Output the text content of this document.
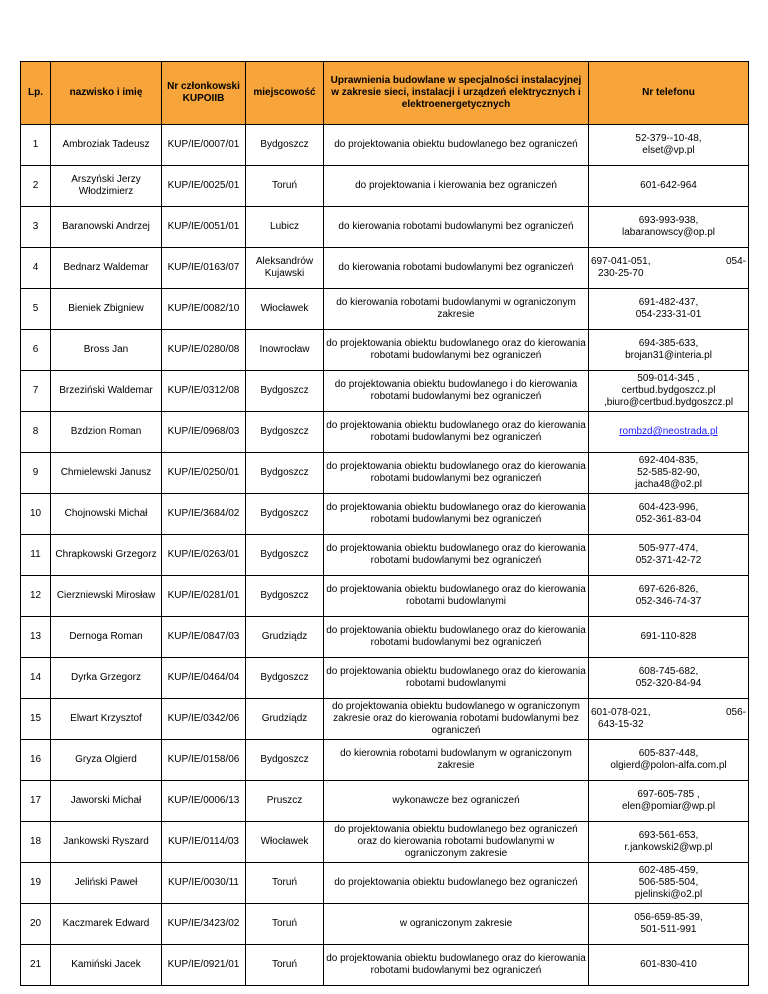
Lp.	nazwisko i imię	Nr członkowski KUPOIIB	miejscowość	Uprawnienia budowlane w specjalności instalacyjnej w zakresie sieci, instalacji i urządzeń elektrycznych i elektroenergetycznych	Nr telefonu
1	Ambroziak Tadeusz	KUP/IE/0007/01	Bydgoszcz	do projektowania obiektu budowlanego bez ograniczeń	52-379--10-48,
elset@vp.pl
2	Arszyński Jerzy
Włodzimierz	KUP/IE/0025/01	Toruń	do projektowania i kierowania bez ograniczeń	601-642-964
3	Baranowski Andrzej	KUP/IE/0051/01	Lubicz	do kierowania robotami budowlanymi bez ograniczeń	693-993-938,
labaranowscy@op.pl
4	Bednarz Waldemar	KUP/IE/0163/07	Aleksandrów
Kujawski	do kierowania robotami budowlanymi bez ograniczeń	697-041-051,
230-25-70
054-

5	Bieniek Zbigniew	KUP/IE/0082/10	Włocławek	do kierowania robotami budowlanymi w ograniczonym zakresie	691-482-437,
054-233-31-01
6	Bross Jan	KUP/IE/0280/08	Inowrocław	do projektowania obiektu budowlanego oraz do kierowania robotami budowlanymi bez ograniczeń	694-385-633,
brojan31@interia.pl
7	Brzeziński Waldemar	KUP/IE/0312/08	Bydgoszcz	do projektowania obiektu budowlanego i do kierowania robotami budowlanymi bez ograniczeń	509-014-345 ,
certbud.bydgoszcz.pl
,biuro@certbud.bydgoszcz.pl
8	Bzdzion Roman	KUP/IE/0968/03	Bydgoszcz	do projektowania obiektu budowlanego oraz do kierowania robotami budowlanymi bez ograniczeń	rombzd@neostrada.pl
9	Chmielewski Janusz	KUP/IE/0250/01	Bydgoszcz	do projektowania obiektu budowlanego oraz do kierowania robotami budowlanymi bez ograniczeń	692-404-835,
52-585-82-90,
jacha48@o2.pl
10	Chojnowski Michał	KUP/IE/3684/02	Bydgoszcz	do projektowania obiektu budowlanego oraz do kierowania robotami budowlanymi bez ograniczeń	604-423-996,
052-361-83-04
11	Chrapkowski Grzegorz	KUP/IE/0263/01	Bydgoszcz	do projektowania obiektu budowlanego oraz do kierowania robotami budowlanymi bez ograniczeń	505-977-474,
052-371-42-72
12	Cierzniewski Mirosław	KUP/IE/0281/01	Bydgoszcz	do projektowania obiektu budowlanego oraz do kierowania robotami budowlanymi	697-626-826,
052-346-74-37
13	Dernoga Roman	KUP/IE/0847/03	Grudziądz	do projektowania obiektu budowlanego oraz do kierowania robotami budowlanymi bez ograniczeń	691-110-828
14	Dyrka Grzegorz	KUP/IE/0464/04	Bydgoszcz	do projektowania obiektu budowlanego oraz do kierowania robotami budowlanymi	608-745-682,
052-320-84-94
15	Elwart Krzysztof	KUP/IE/0342/06	Grudziądz	do projektowania obiektu budowlanego w ograniczonym zakresie oraz do kierowania robotami budowlanymi bez ograniczeń	601-078-021,
643-15-32
056-

16	Gryza Olgierd	KUP/IE/0158/06	Bydgoszcz	do kierownia robotami budowlanym w ograniczonym zakresie	605-837-448,
olgierd@polon-alfa.com.pl
17	Jaworski Michał	KUP/IE/0006/13	Pruszcz	wykonawcze bez ograniczeń	697-605-785 ,
elen@pomiar@wp.pl
18	Jankowski Ryszard	KUP/IE/0114/03	Włocławek	do projektowania obiektu budowlanego bez ograniczeń oraz do kierowania robotami budowlanymi w ograniczonym zakresie	693-561-653,
r.jankowski2@wp.pl
19	Jeliński Paweł	KUP/IE/0030/11	Toruń	do projektowania obiektu budowlanego bez ograniczeń	602-485-459,
506-585-504,
pjelinski@o2.pl
20	Kaczmarek Edward	KUP/IE/3423/02	Toruń	w ograniczonym zakresie	056-659-85-39,
501-511-991
21	Kamiński Jacek	KUP/IE/0921/01	Toruń	do projektowania obiektu budowlanego oraz do kierowania robotami budowlanymi bez ograniczeń	601-830-410
